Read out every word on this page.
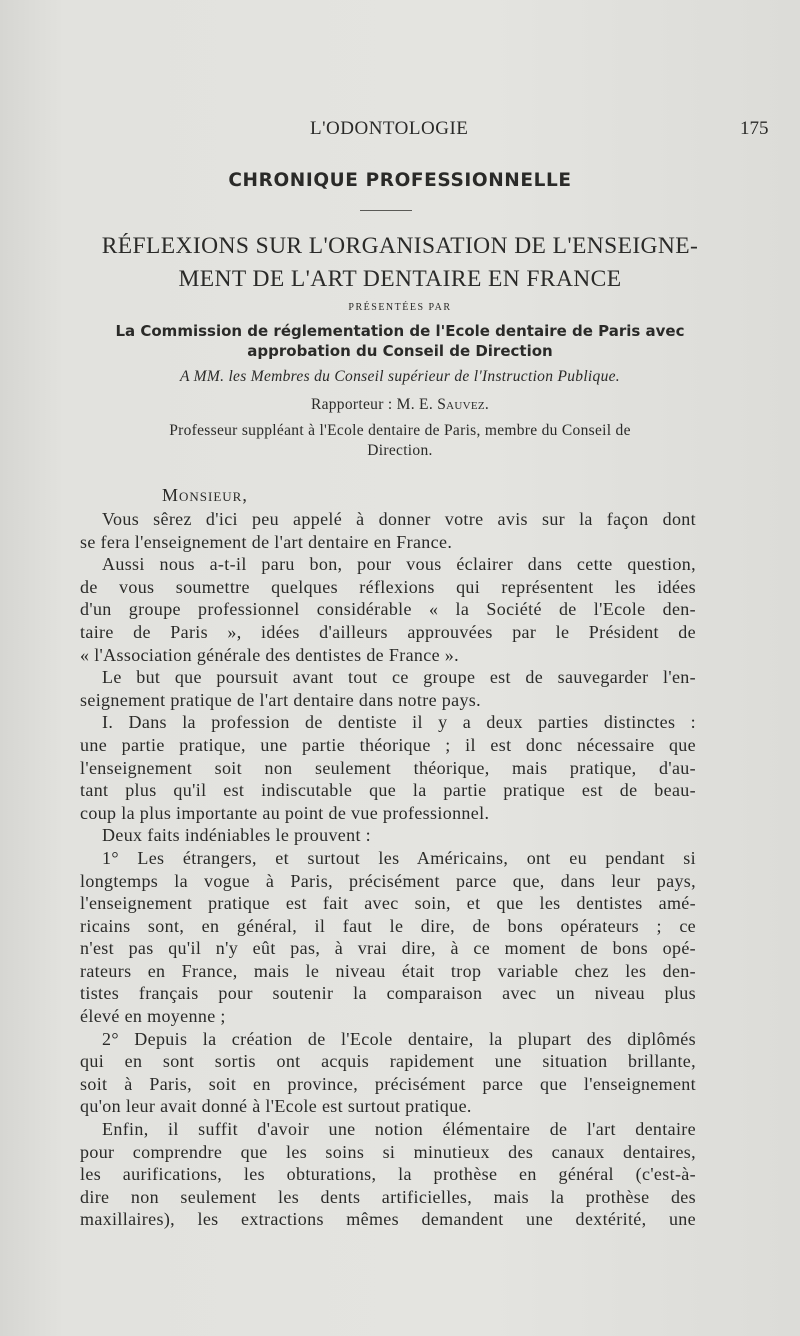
L'ODONTOLOGIE	175
CHRONIQUE PROFESSIONNELLE
RÉFLEXIONS SUR L'ORGANISATION DE L'ENSEIGNE-
MENT DE L'ART DENTAIRE EN FRANCE
PRÉSENTÉES PAR
La Commission de réglementation de l'Ecole dentaire de Paris avec
approbation du Conseil de Direction
A MM. les Membres du Conseil supérieur de l'Instruction Publique.
Rapporteur : M. E. Sauvez.
Professeur suppléant à l'Ecole dentaire de Paris, membre du Conseil de
Direction.
Monsieur,
Vous sêrez d'ici peu appelé à donner votre avis sur la façon dont
se fera l'enseignement de l'art dentaire en France.
Aussi nous a-t-il paru bon, pour vous éclairer dans cette question,
de vous soumettre quelques réflexions qui représentent les idées
d'un groupe professionnel considérable « la Société de l'Ecole den-
taire de Paris », idées d'ailleurs approuvées par le Président de
« l'Association générale des dentistes de France ».
Le but que poursuit avant tout ce groupe est de sauvegarder l'en-
seignement pratique de l'art dentaire dans notre pays.
I. Dans la profession de dentiste il y a deux parties distinctes :
une partie pratique, une partie théorique ; il est donc nécessaire que
l'enseignement soit non seulement théorique, mais pratique, d'au-
tant plus qu'il est indiscutable que la partie pratique est de beau-
coup la plus importante au point de vue professionnel.
Deux faits indéniables le prouvent :
1° Les étrangers, et surtout les Américains, ont eu pendant si
longtemps la vogue à Paris, précisément parce que, dans leur pays,
l'enseignement pratique est fait avec soin, et que les dentistes amé-
ricains sont, en général, il faut le dire, de bons opérateurs ; ce
n'est pas qu'il n'y eût pas, à vrai dire, à ce moment de bons opé-
rateurs en France, mais le niveau était trop variable chez les den-
tistes français pour soutenir la comparaison avec un niveau plus
élevé en moyenne ;
2° Depuis la création de l'Ecole dentaire, la plupart des diplômés
qui en sont sortis ont acquis rapidement une situation brillante,
soit à Paris, soit en province, précisément parce que l'enseignement
qu'on leur avait donné à l'Ecole est surtout pratique.
Enfin, il suffit d'avoir une notion élémentaire de l'art dentaire
pour comprendre que les soins si minutieux des canaux dentaires,
les aurifications, les obturations, la prothèse en général (c'est-à-
dire non seulement les dents artificielles, mais la prothèse des
maxillaires), les extractions mêmes demandent une dextérité, une
